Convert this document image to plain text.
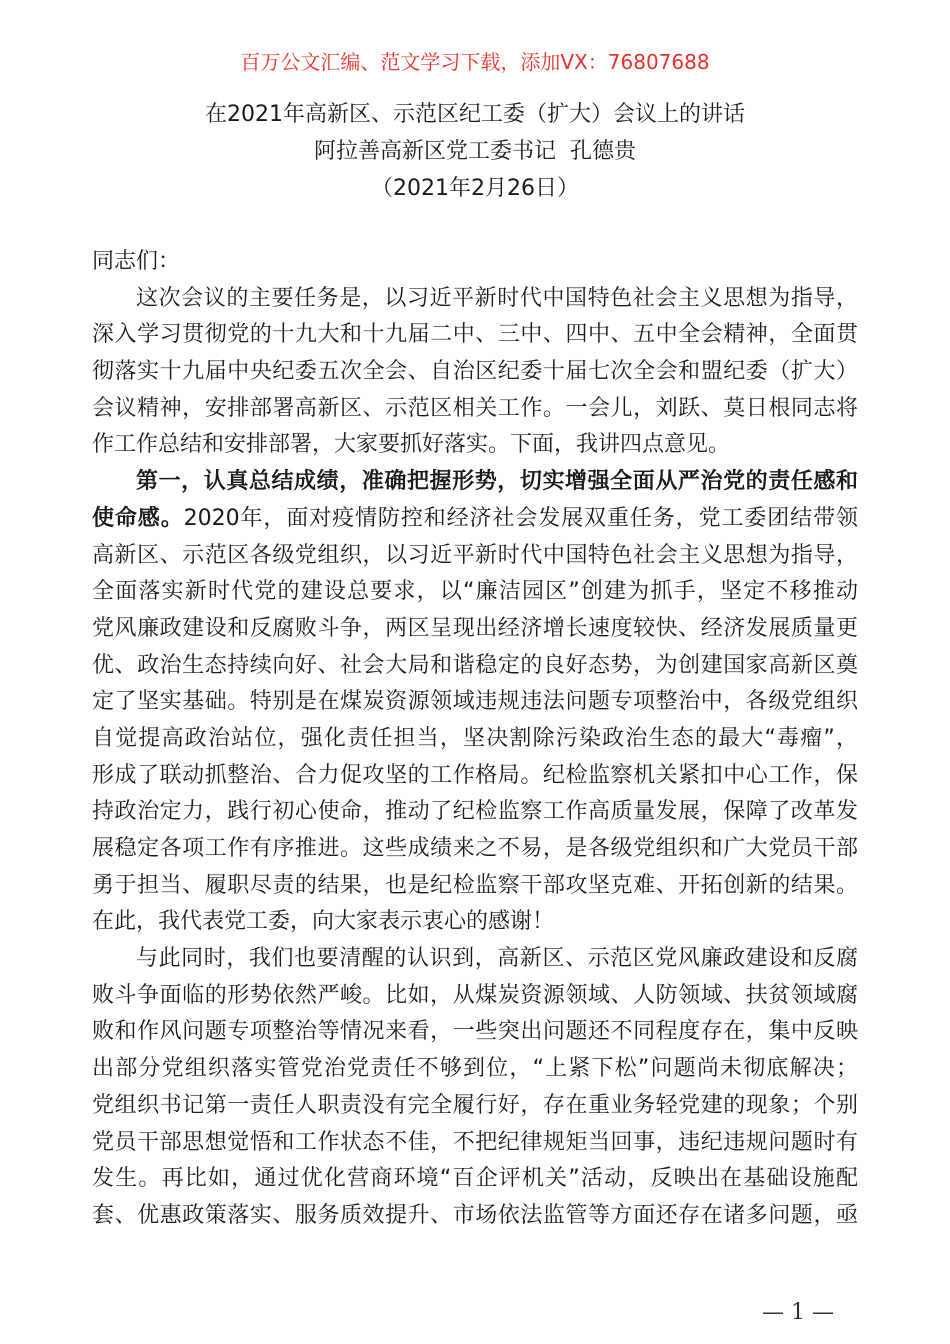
百万公文汇编、范文学习下载，添加VX：76807688
在2021年高新区、示范区纪工委（扩大）会议上的讲话
阿拉善高新区党工委书记  孔德贵
（2021年2月26日）
同志们：
这次会议的主要任务是，以习近平新时代中国特色社会主义思想为指导，
深入学习贯彻党的十九大和十九届二中、三中、四中、五中全会精神，全面贯
彻落实十九届中央纪委五次全会、自治区纪委十届七次全会和盟纪委（扩大）
会议精神，安排部署高新区、示范区相关工作。一会儿，刘跃、莫日根同志将
作工作总结和安排部署，大家要抓好落实。下面，我讲四点意见。
第一，认真总结成绩，准确把握形势，切实增强全面从严治党的责任感和
使命感。2020年，面对疫情防控和经济社会发展双重任务，党工委团结带领
高新区、示范区各级党组织，以习近平新时代中国特色社会主义思想为指导，
全面落实新时代党的建设总要求，以“廉洁园区”创建为抓手，坚定不移推动
党风廉政建设和反腐败斗争，两区呈现出经济增长速度较快、经济发展质量更
优、政治生态持续向好、社会大局和谐稳定的良好态势，为创建国家高新区奠
定了坚实基础。特别是在煤炭资源领域违规违法问题专项整治中，各级党组织
自觉提高政治站位，强化责任担当，坚决割除污染政治生态的最大“毒瘤”，
形成了联动抓整治、合力促攻坚的工作格局。纪检监察机关紧扣中心工作，保
持政治定力，践行初心使命，推动了纪检监察工作高质量发展，保障了改革发
展稳定各项工作有序推进。这些成绩来之不易，是各级党组织和广大党员干部
勇于担当、履职尽责的结果，也是纪检监察干部攻坚克难、开拓创新的结果。
在此，我代表党工委，向大家表示衷心的感谢！
与此同时，我们也要清醒的认识到，高新区、示范区党风廉政建设和反腐
败斗争面临的形势依然严峻。比如，从煤炭资源领域、人防领域、扶贫领域腐
败和作风问题专项整治等情况来看，一些突出问题还不同程度存在，集中反映
出部分党组织落实管党治党责任不够到位，“上紧下松”问题尚未彻底解决；
党组织书记第一责任人职责没有完全履行好，存在重业务轻党建的现象；个别
党员干部思想觉悟和工作状态不佳，不把纪律规矩当回事，违纪违规问题时有
发生。再比如，通过优化营商环境“百企评机关”活动，反映出在基础设施配
套、优惠政策落实、服务质效提升、市场依法监管等方面还存在诸多问题，亟
— 1 —
